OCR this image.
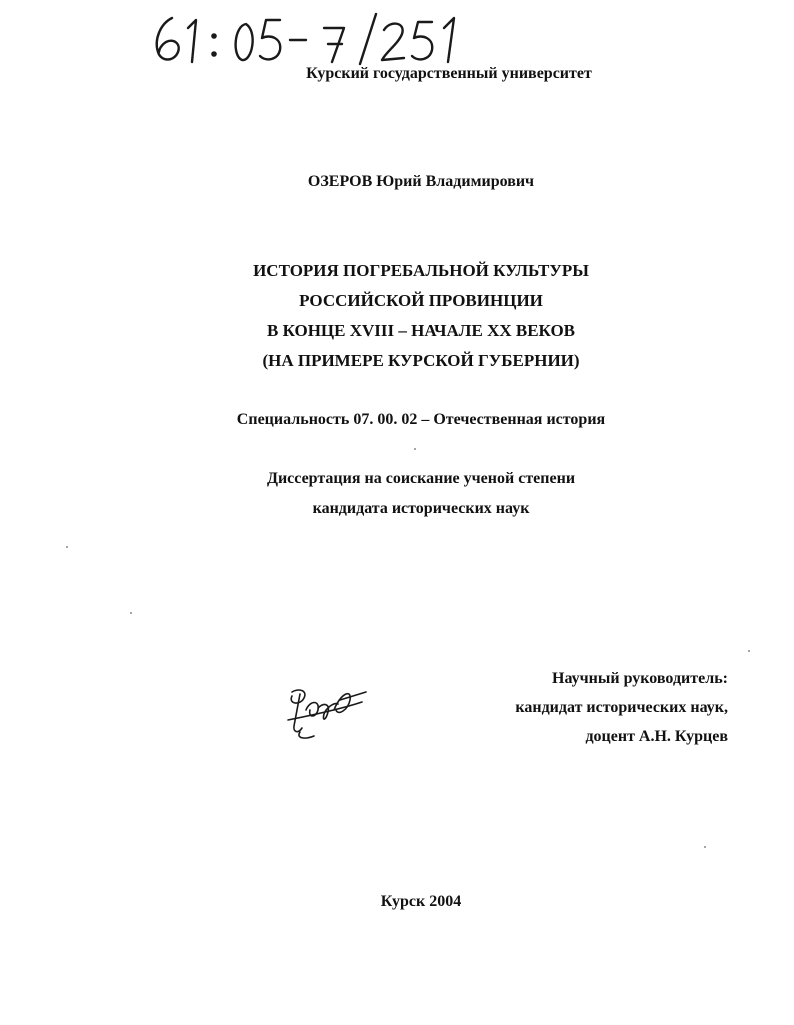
Курский государственный университет
ОЗЕРОВ Юрий Владимирович
ИСТОРИЯ ПОГРЕБАЛЬНОЙ КУЛЬТУРЫ
РОССИЙСКОЙ ПРОВИНЦИИ
В КОНЦЕ XVIII – НАЧАЛЕ XX ВЕКОВ
(НА ПРИМЕРЕ КУРСКОЙ ГУБЕРНИИ)
Специальность 07. 00. 02 – Отечественная история
Диссертация на соискание ученой степени
кандидата исторических наук
Научный руководитель:
кандидат исторических наук,
доцент А.Н. Курцев
Курск 2004
